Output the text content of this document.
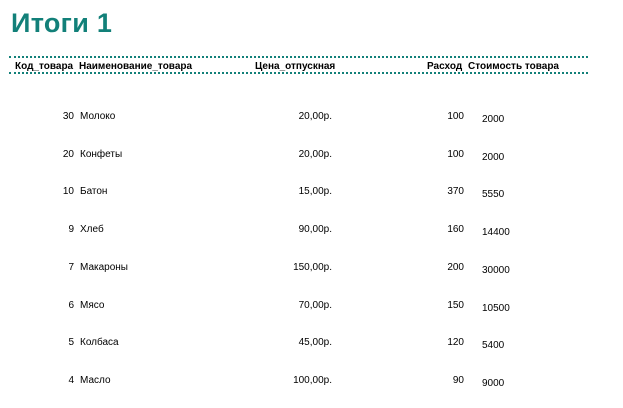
Итоги 1
Код_товара Наименование_товара	Цена_отпускная	Расход Стоимость товара
30 Молоко	20,00р.	100 2000
20 Конфеты	20,00р.	100 2000
10 Батон	15,00р.	370 5550
9 Хлеб	90,00р.	160 14400
7 Макароны	150,00р.	200 30000
6 Мясо	70,00р.	150 10500
5 Колбаса	45,00р.	120 5400
4 Масло	100,00р.	90 9000
